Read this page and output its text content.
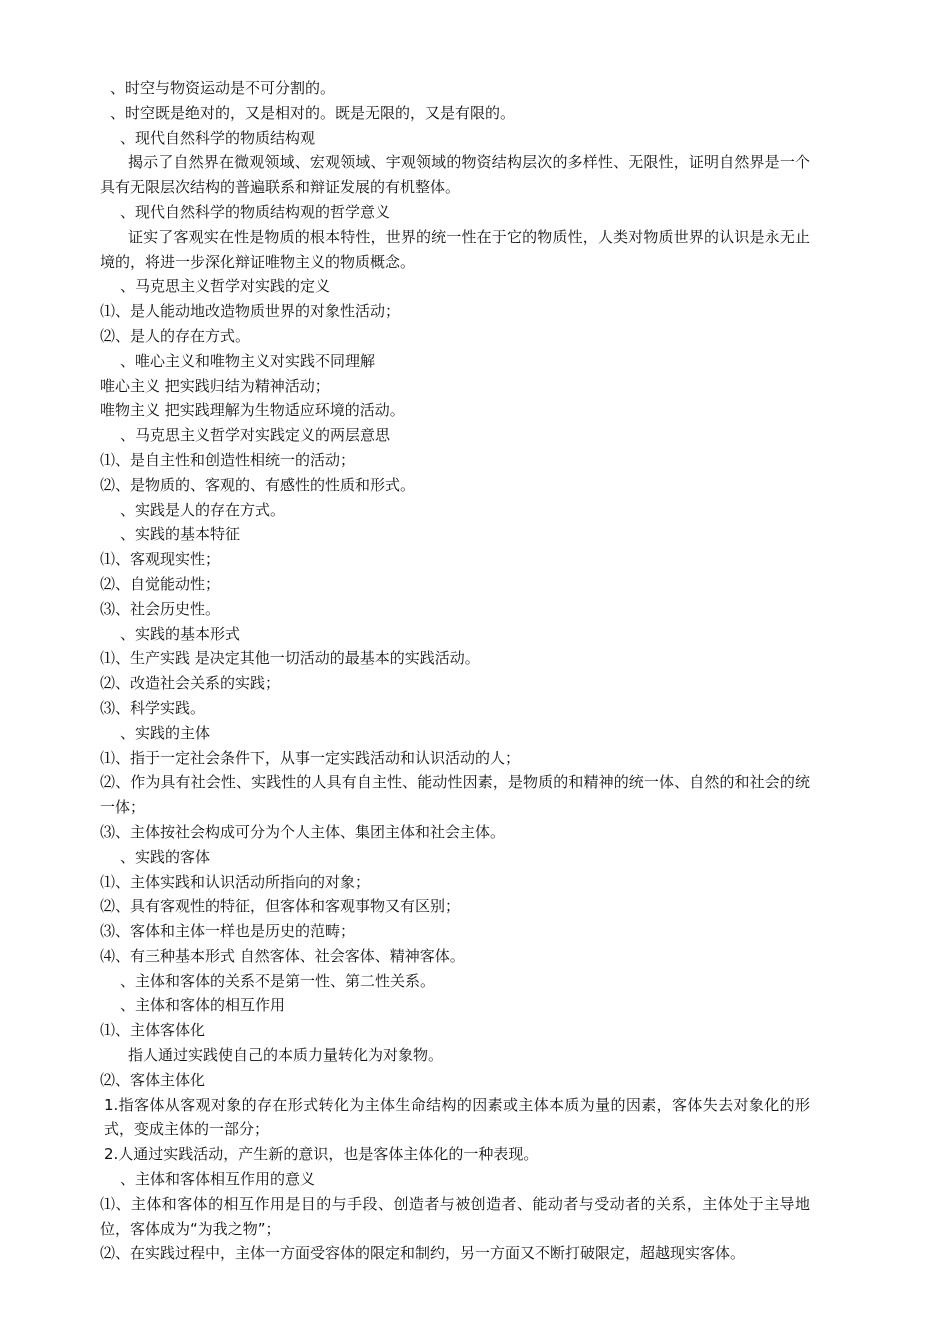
、时空与物资运动是不可分割的。
、时空既是绝对的，又是相对的。既是无限的，又是有限的。
、现代自然科学的物质结构观
揭示了自然界在微观领域、宏观领域、宇观领域的物资结构层次的多样性、无限性，证明自然界是一个具有无限层次结构的普遍联系和辩证发展的有机整体。
、现代自然科学的物质结构观的哲学意义
证实了客观实在性是物质的根本特性，世界的统一性在于它的物质性，人类对物质世界的认识是永无止境的，将进一步深化辩证唯物主义的物质概念。
、马克思主义哲学对实践的定义
⑴、是人能动地改造物质世界的对象性活动；
⑵、是人的存在方式。
、唯心主义和唯物主义对实践不同理解
唯心主义 把实践归结为精神活动；
唯物主义 把实践理解为生物适应环境的活动。
、马克思主义哲学对实践定义的两层意思
⑴、是自主性和创造性相统一的活动；
⑵、是物质的、客观的、有感性的性质和形式。
、实践是人的存在方式。
、实践的基本特征
⑴、客观现实性；
⑵、自觉能动性；
⑶、社会历史性。
、实践的基本形式
⑴、生产实践 是决定其他一切活动的最基本的实践活动。
⑵、改造社会关系的实践；
⑶、科学实践。
、实践的主体
⑴、指于一定社会条件下，从事一定实践活动和认识活动的人；
⑵、作为具有社会性、实践性的人具有自主性、能动性因素，是物质的和精神的统一体、自然的和社会的统一体；
⑶、主体按社会构成可分为个人主体、集团主体和社会主体。
、实践的客体
⑴、主体实践和认识活动所指向的对象；
⑵、具有客观性的特征，但客体和客观事物又有区别；
⑶、客体和主体一样也是历史的范畴；
⑷、有三种基本形式 自然客体、社会客体、精神客体。
、主体和客体的关系不是第一性、第二性关系。
、主体和客体的相互作用
⑴、主体客体化
指人通过实践使自己的本质力量转化为对象物。
⑵、客体主体化
1.指客体从客观对象的存在形式转化为主体生命结构的因素或主体本质为量的因素，客体失去对象化的形式，变成主体的一部分；
2.人通过实践活动，产生新的意识，也是客体主体化的一种表现。
、主体和客体相互作用的意义
⑴、主体和客体的相互作用是目的与手段、创造者与被创造者、能动者与受动者的关系，主体处于主导地位，客体成为“为我之物”；
⑵、在实践过程中，主体一方面受容体的限定和制约，另一方面又不断打破限定，超越现实客体。
